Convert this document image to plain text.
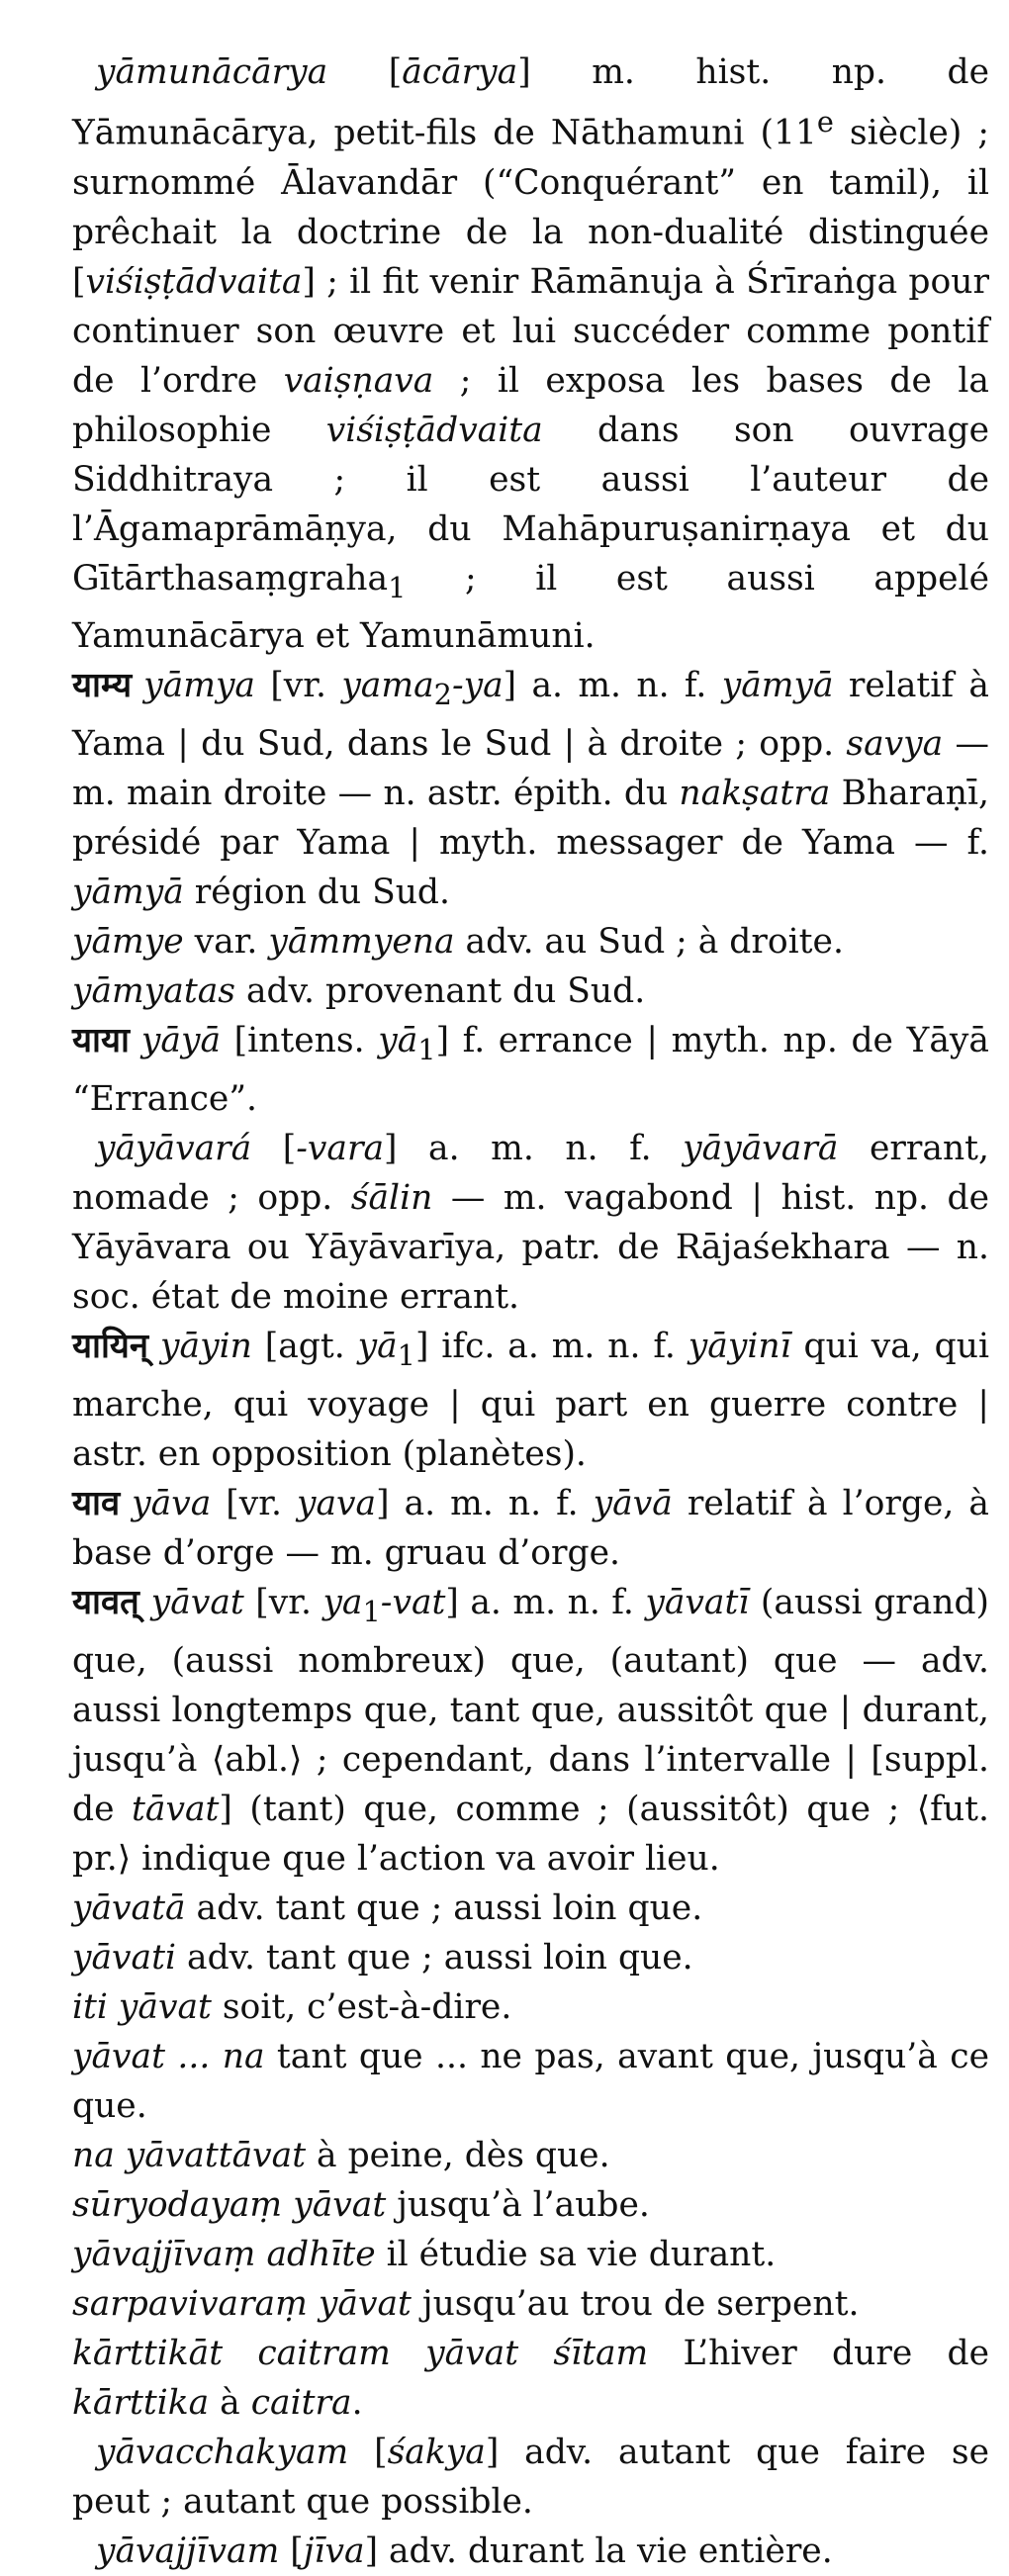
yāmunācārya [ācārya] m. hist. np. de Yāmunācārya, petit-fils de Nāthamuni (11e siècle) ; surnommé Ālavandār (“Conquérant” en tamil), il prêchait la doctrine de la non-dualité distinguée [viśiṣṭādvaita] ; il fit venir Rāmānuja à Śrīraṅga pour continuer son œuvre et lui succéder comme pontif de l’ordre vaiṣṇava ; il exposa les bases de la philosophie viśiṣṭādvaita dans son ouvrage Siddhitraya ; il est aussi l’auteur de l’Āgamaprāmāṇya, du Mahāpuruṣanirṇaya et du Gītārthasaṃgraha$_1$ ; il est aussi appelé Yamunācārya et Yamunāmuni.

याम्य yāmya [vr. yama$_2$-ya] a. m. n. f. yāmyā relatif à Yama | du Sud, dans le Sud | à droite ; opp. savya — m. main droite — n. astr. épith. du nakṣatra Bharaṇī, présidé par Yama | myth. messager de Yama — f. yāmyā région du Sud.

yāmye var. yāmmyena adv. au Sud ; à droite.

yāmyatas adv. provenant du Sud.

याया yāyā [intens. $yā_1$] f. errance | myth. np. de Yāyā “Errance”.

yāyāvará [-vara] a. m. n. f. yāyāvarā errant, nomade ; opp. śālin — m. vagabond | hist. np. de Yāyāvara ou Yāyāvarīya, patr. de Rājaśekhara — n. soc. état de moine errant.

यायिन् yāyin [agt. $yā_1$] ifc. a. m. n. f. yāyinī qui va, qui marche, qui voyage | qui part en guerre contre | astr. en opposition (planètes).

याव yāva [vr. yava] a. m. n. f. yāvā relatif à l’orge, à base d’orge — m. gruau d’orge.

यावत् yāvat [vr. $ya_1-vat$] a. m. n. f. yāvatī (aussi grand) que, (aussi nombreux) que, (autant) que — adv. aussi longtemps que, tant que, aussitôt que | durant, jusqu’à ⟨abl.⟩ ; cependant, dans l’intervalle | [suppl. de tāvat] (tant) que, comme ; (aussitôt) que ; ⟨fut. pr.⟩ indique que l’action va avoir lieu.

yāvatā adv. tant que ; aussi loin que.

yāvati adv. tant que ; aussi loin que.

iti yāvat soit, c’est-à-dire.

yāvat ... na tant que ... ne pas, avant que, jusqu’à ce que.

na yāvattāvat à peine, dès que.

sūryodayaṃ yāvat jusqu’à l’aube.

yāvajjīvaṃ adhīte il étudie sa vie durant.

sarpavivaraṃ yāvat jusqu’au trou de serpent.

kārttikāt caitram yāvat śītam L’hiver dure de kārttika à caitra.

yāvacchakyam [śakya] adv. autant que faire se peut ; autant que possible.

yāvajjīvam [jīva] adv. durant la vie entière.
